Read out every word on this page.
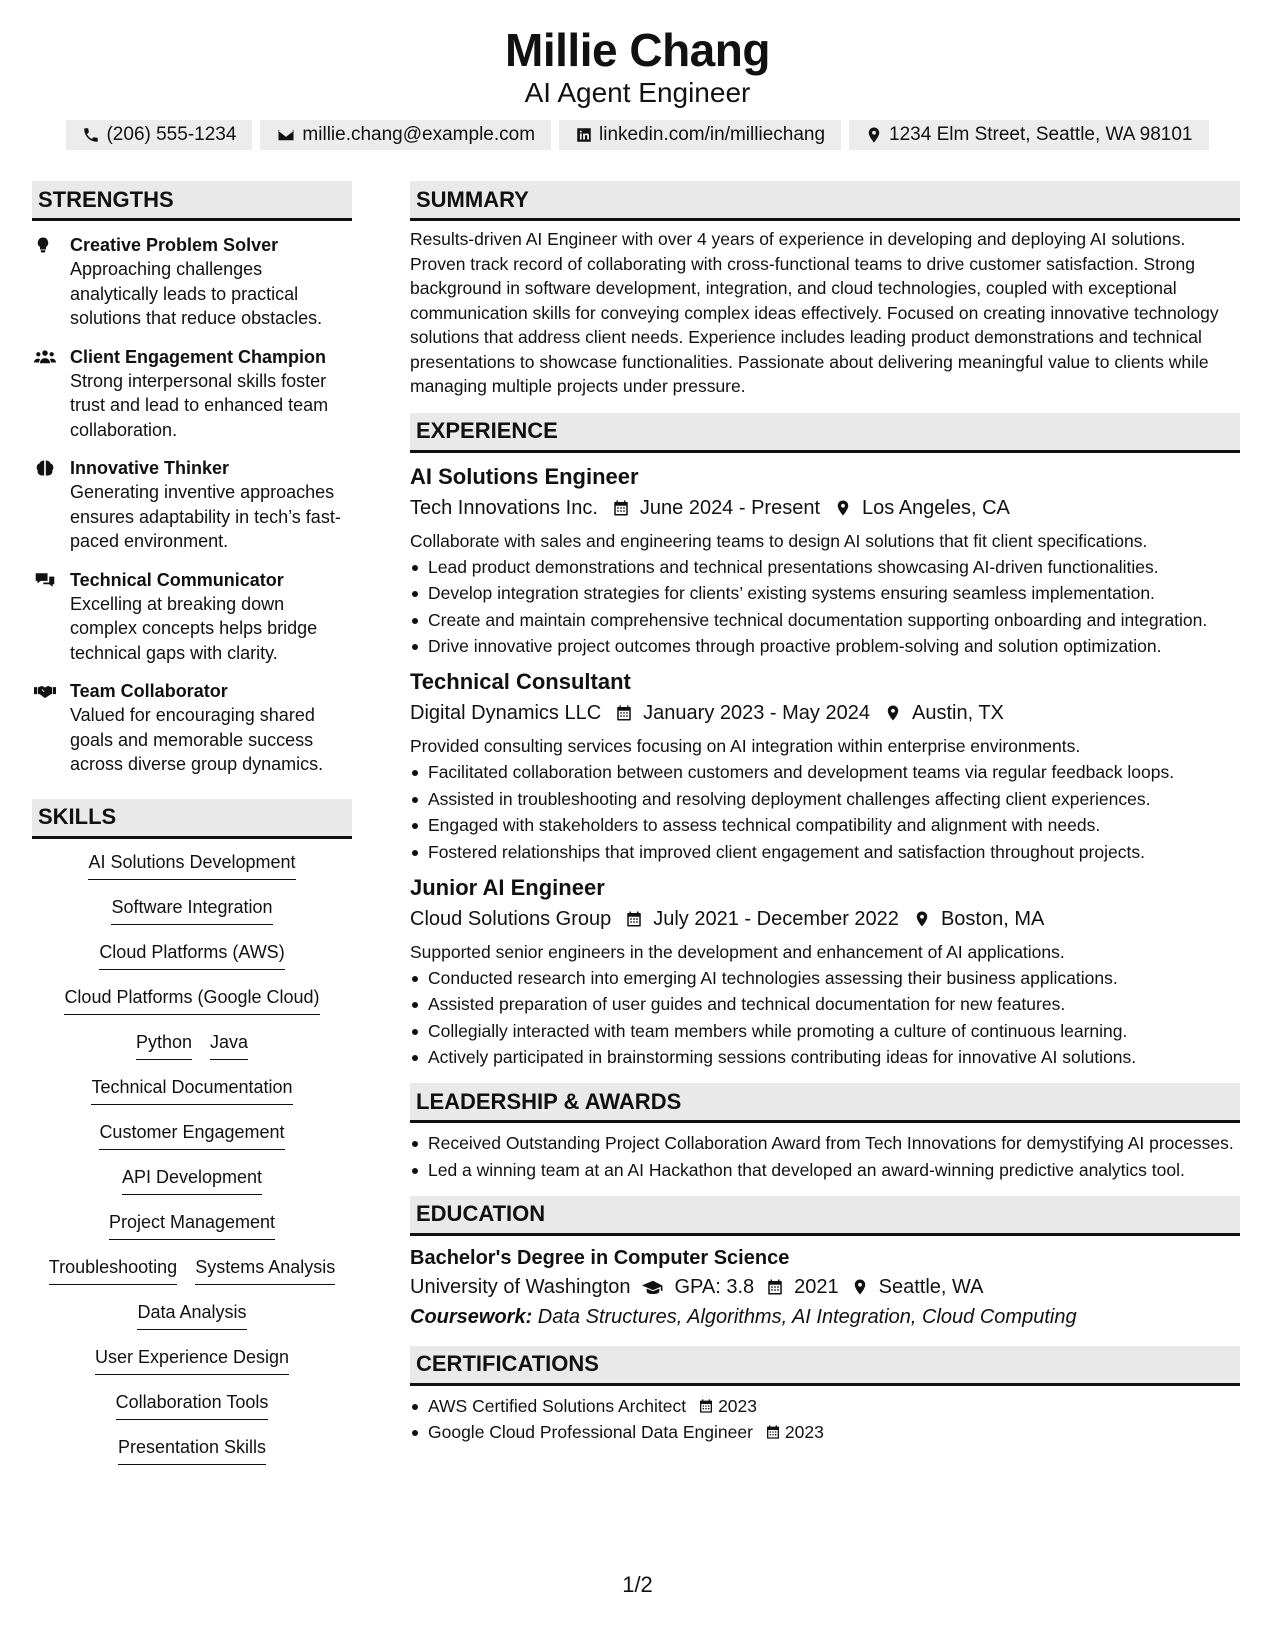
Millie Chang
AI Agent Engineer
(206) 555-1234	millie.chang@example.com	linkedin.com/in/milliechang	1234 Elm Street, Seattle, WA 98101
STRENGTHS
Creative Problem Solver
Approaching challenges analytically leads to practical solutions that reduce obstacles.
Client Engagement Champion
Strong interpersonal skills foster trust and lead to enhanced team collaboration.
Innovative Thinker
Generating inventive approaches ensures adaptability in tech’s fast-paced environment.
Technical Communicator
Excelling at breaking down complex concepts helps bridge technical gaps with clarity.
Team Collaborator
Valued for encouraging shared goals and memorable success across diverse group dynamics.
SKILLS
AI Solutions Development
Software Integration
Cloud Platforms (AWS)
Cloud Platforms (Google Cloud)
Python Java
Technical Documentation
Customer Engagement
API Development
Project Management
Troubleshooting Systems Analysis
Data Analysis
User Experience Design
Collaboration Tools
Presentation Skills
SUMMARY
Results-driven AI Engineer with over 4 years of experience in developing and deploying AI solutions. Proven track record of collaborating with cross-functional teams to drive customer satisfaction. Strong background in software development, integration, and cloud technologies, coupled with exceptional communication skills for conveying complex ideas effectively. Focused on creating innovative technology solutions that address client needs. Experience includes leading product demonstrations and technical presentations to showcase functionalities. Passionate about delivering meaningful value to clients while managing multiple projects under pressure.
EXPERIENCE
AI Solutions Engineer
Tech Innovations Inc. June 2024 - Present Los Angeles, CA
Collaborate with sales and engineering teams to design AI solutions that fit client specifications.
Lead product demonstrations and technical presentations showcasing AI-driven functionalities.
Develop integration strategies for clients’ existing systems ensuring seamless implementation.
Create and maintain comprehensive technical documentation supporting onboarding and integration.
Drive innovative project outcomes through proactive problem-solving and solution optimization.
Technical Consultant
Digital Dynamics LLC January 2023 - May 2024 Austin, TX
Provided consulting services focusing on AI integration within enterprise environments.
Facilitated collaboration between customers and development teams via regular feedback loops.
Assisted in troubleshooting and resolving deployment challenges affecting client experiences.
Engaged with stakeholders to assess technical compatibility and alignment with needs.
Fostered relationships that improved client engagement and satisfaction throughout projects.
Junior AI Engineer
Cloud Solutions Group July 2021 - December 2022 Boston, MA
Supported senior engineers in the development and enhancement of AI applications.
Conducted research into emerging AI technologies assessing their business applications.
Assisted preparation of user guides and technical documentation for new features.
Collegially interacted with team members while promoting a culture of continuous learning.
Actively participated in brainstorming sessions contributing ideas for innovative AI solutions.
LEADERSHIP & AWARDS
Received Outstanding Project Collaboration Award from Tech Innovations for demystifying AI processes.
Led a winning team at an AI Hackathon that developed an award-winning predictive analytics tool.
EDUCATION
Bachelor's Degree in Computer Science
University of Washington GPA: 3.8 2021 Seattle, WA
Coursework: Data Structures, Algorithms, AI Integration, Cloud Computing
CERTIFICATIONS
AWS Certified Solutions Architect 2023
Google Cloud Professional Data Engineer 2023
1/2
